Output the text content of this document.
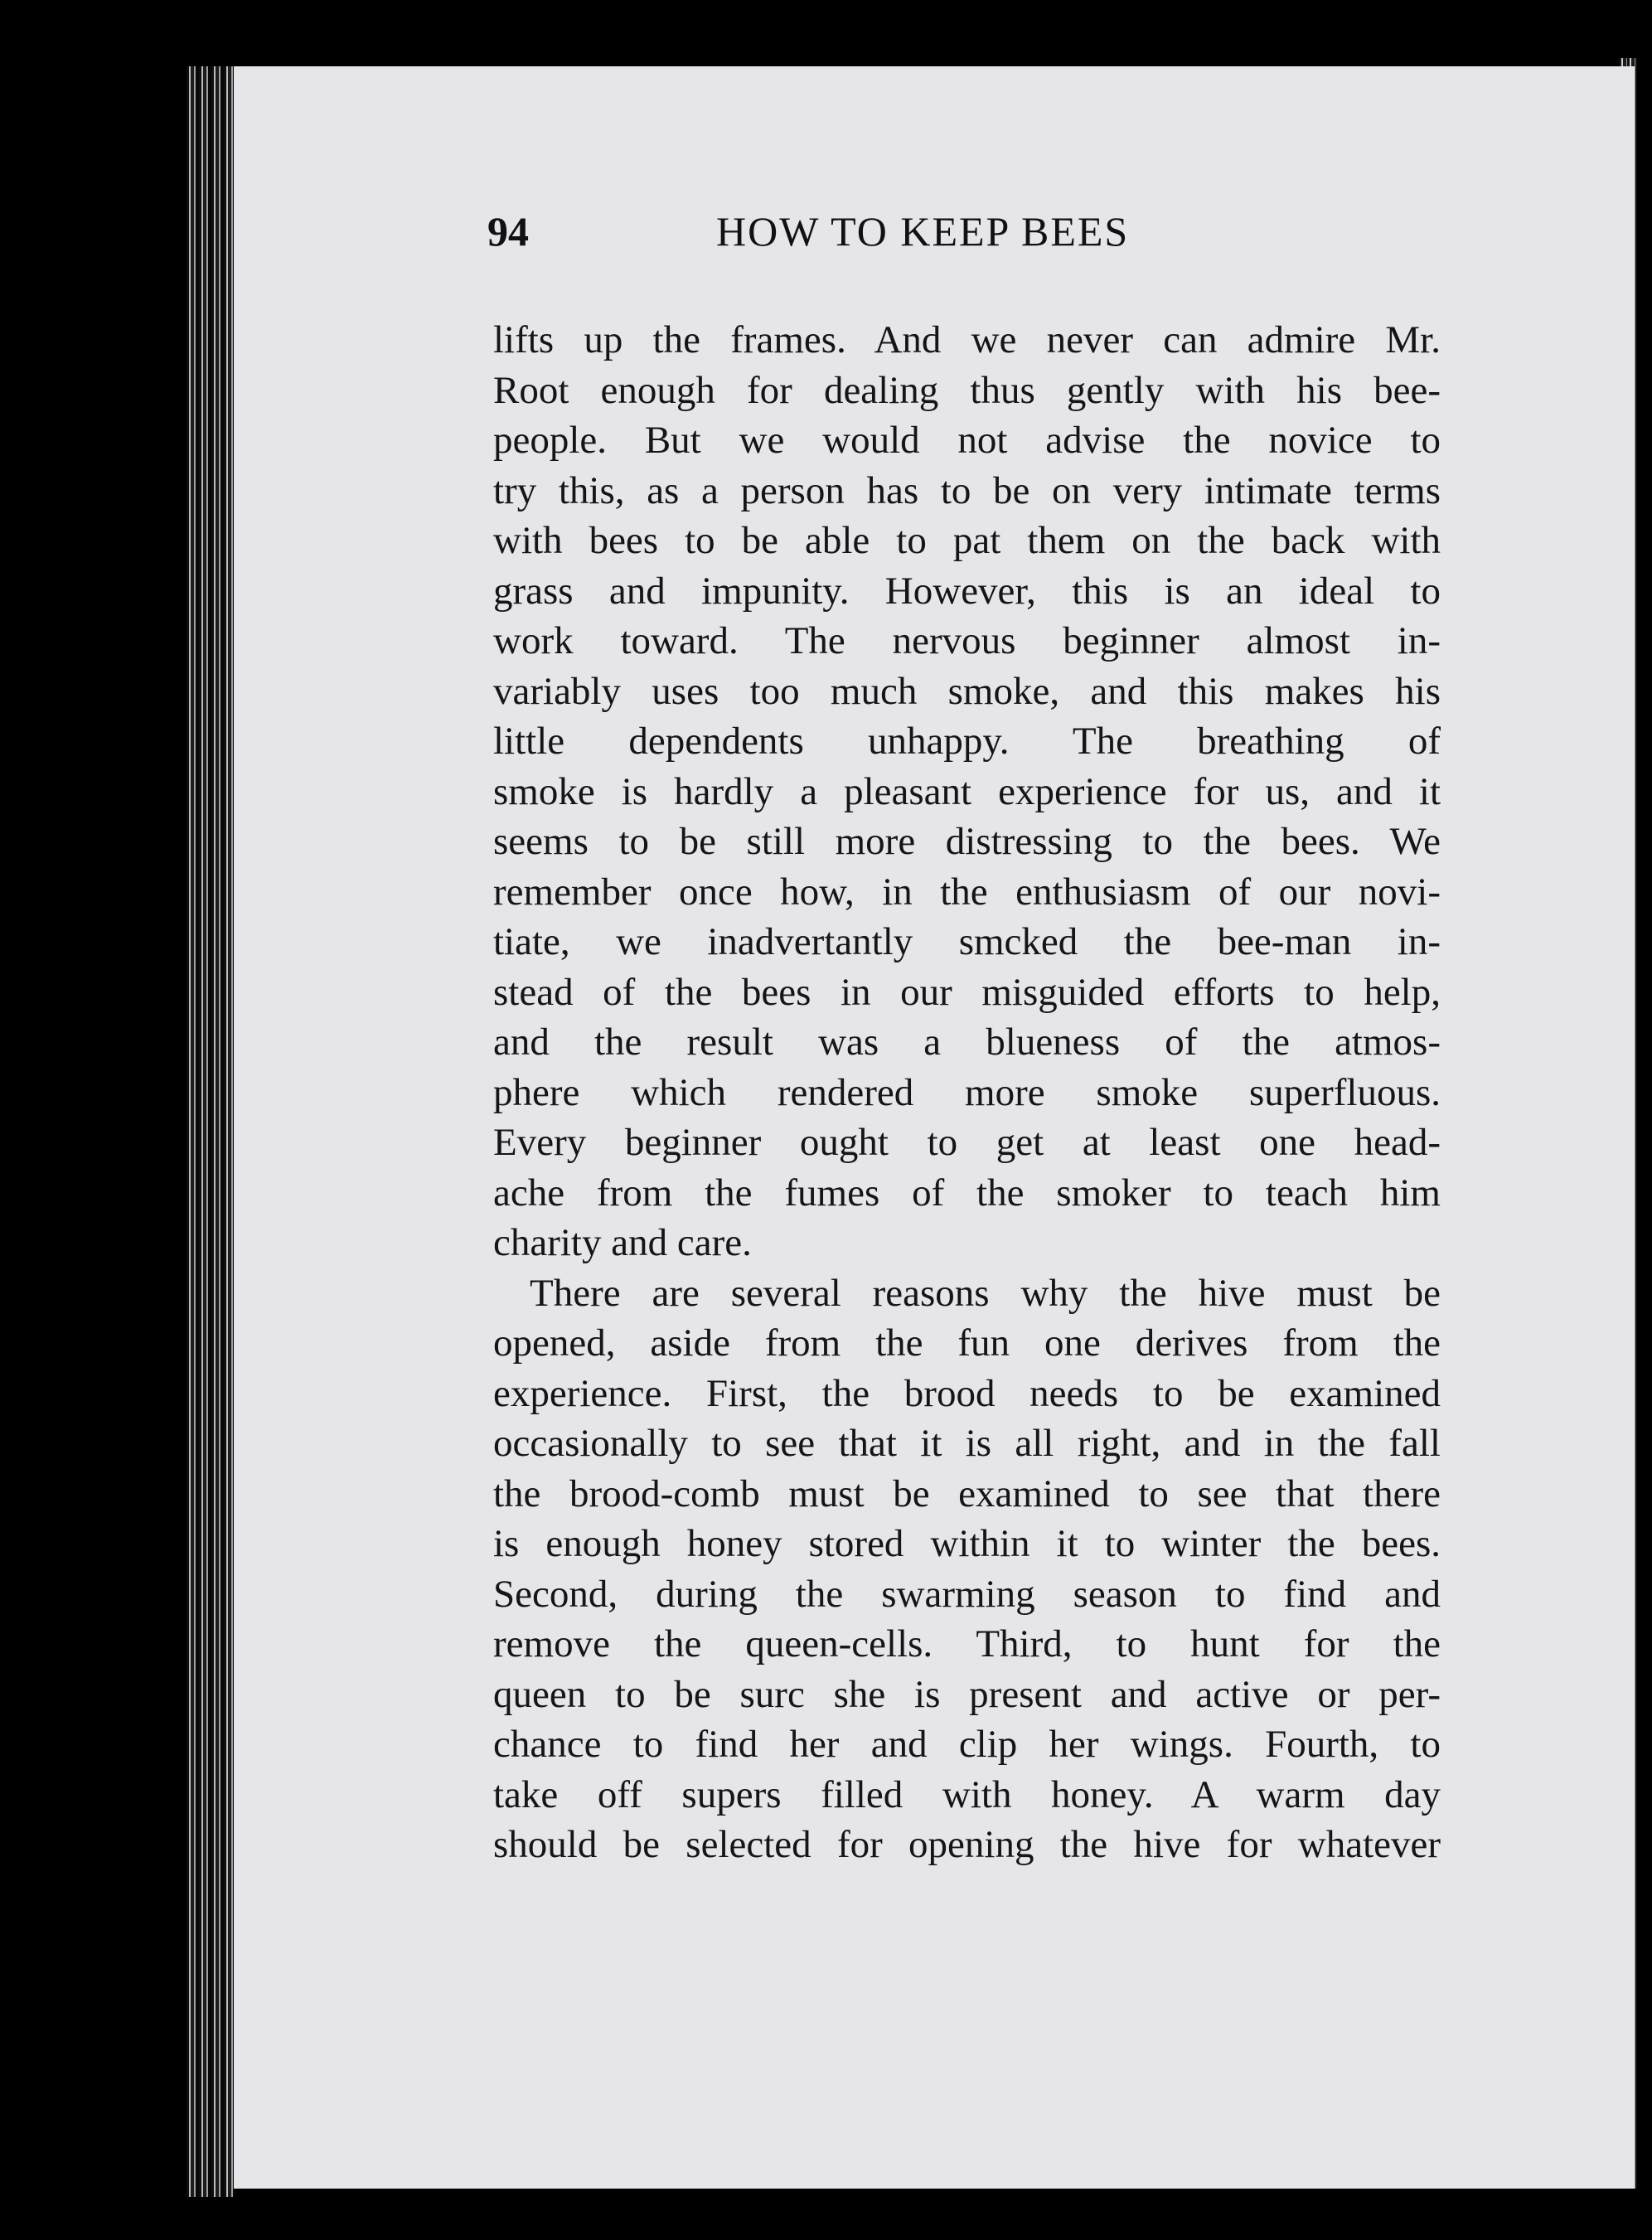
94	HOW TO KEEP BEES
lifts up the frames. And we never can admire Mr.
Root enough for dealing thus gently with his bee-
people. But we would not advise the novice to
try this, as a person has to be on very intimate terms
with bees to be able to pat them on the back with
grass and impunity. However, this is an ideal to
work toward. The nervous beginner almost in-
variably uses too much smoke, and this makes his
little dependents unhappy. The breathing of
smoke is hardly a pleasant experience for us, and it
seems to be still more distressing to the bees. We
remember once how, in the enthusiasm of our novi-
tiate, we inadvertantly smcked the bee-man in-
stead of the bees in our misguided efforts to help,
and the result was a blueness of the atmos-
phere which rendered more smoke superfluous.
Every beginner ought to get at least one head-
ache from the fumes of the smoker to teach him
charity and care.
There are several reasons why the hive must be
opened, aside from the fun one derives from the
experience. First, the brood needs to be examined
occasionally to see that it is all right, and in the fall
the brood-comb must be examined to see that there
is enough honey stored within it to winter the bees.
Second, during the swarming season to find and
remove the queen-cells. Third, to hunt for the
queen to be surc she is present and active or per-
chance to find her and clip her wings. Fourth, to
take off supers filled with honey. A warm day
should be selected for opening the hive for whatever
